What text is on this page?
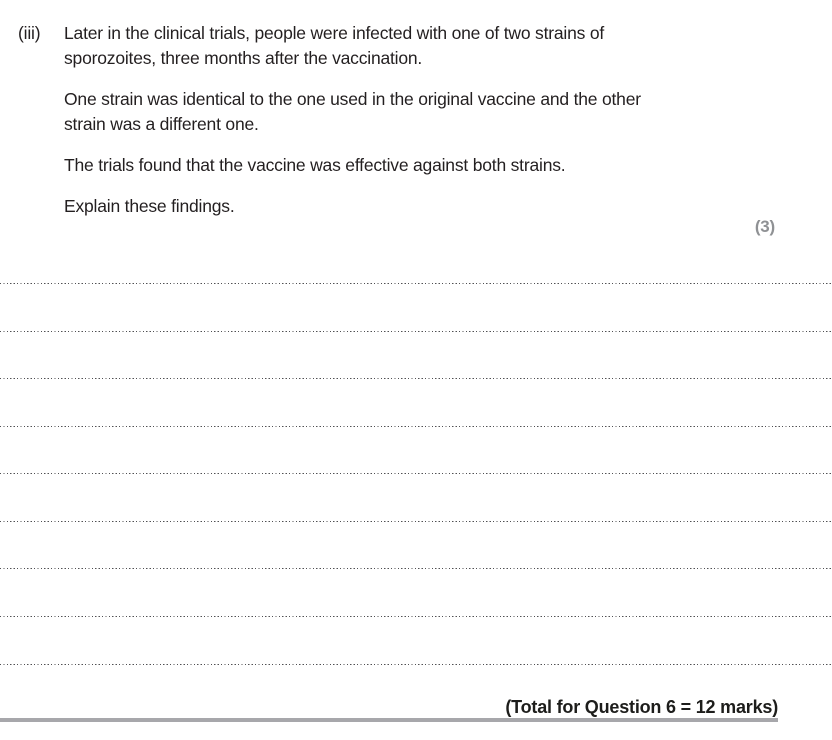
(iii)	Later in the clinical trials, people were infected with one of two strains of
sporozoites, three months after the vaccination.
One strain was identical to the one used in the original vaccine and the other
strain was a different one.
The trials found that the vaccine was effective against both strains.
Explain these findings.
(3)
(Total for Question 6 = 12 marks)
